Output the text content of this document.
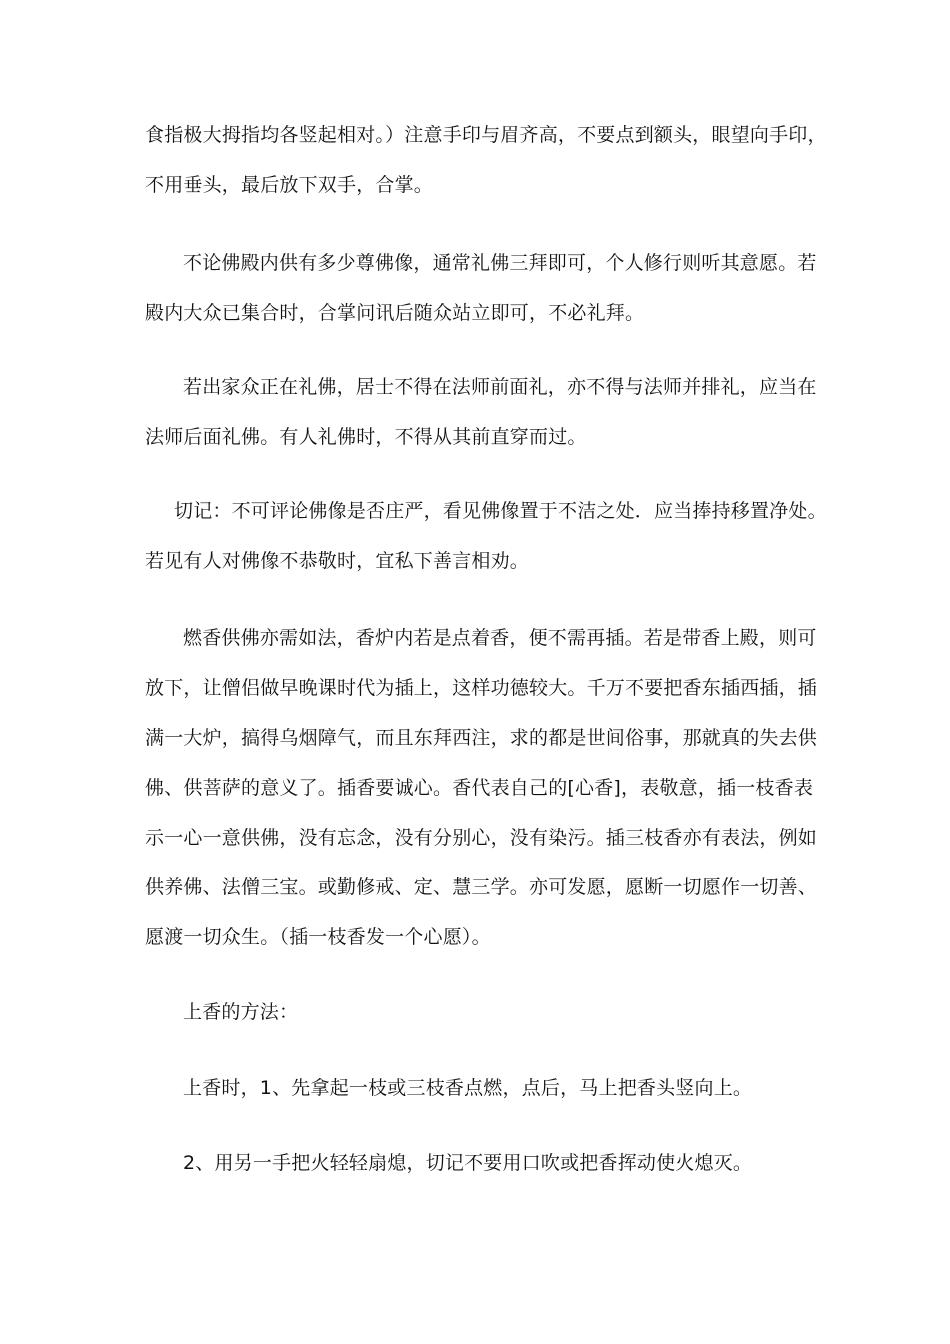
食指极大拇指均各竖起相对。）注意手印与眉齐高，不要点到额头，眼望向手印，
不用垂头，最后放下双手，合掌。
不论佛殿内供有多少尊佛像，通常礼佛三拜即可，个人修行则听其意愿。若
殿内大众已集合时，合掌问讯后随众站立即可，不必礼拜。
若出家众正在礼佛，居士不得在法师前面礼，亦不得与法师并排礼，应当在
法师后面礼佛。有人礼佛时，不得从其前直穿而过。
切记：不可评论佛像是否庄严，看见佛像置于不洁之处．应当捧持移置净处。
若见有人对佛像不恭敬时，宜私下善言相劝。
燃香供佛亦需如法，香炉内若是点着香，便不需再插。若是带香上殿，则可
放下，让僧侣做早晚课时代为插上，这样功德较大。千万不要把香东插西插，插
满一大炉，搞得乌烟障气，而且东拜西注，求的都是世间俗事，那就真的失去供
佛、供菩萨的意义了。插香要诚心。香代表自己的[心香]，表敬意，插一枝香表
示一心一意供佛，没有忘念，没有分别心，没有染污。插三枝香亦有表法，例如
供养佛、法僧三宝。或勤修戒、定、慧三学。亦可发愿，愿断一切愿作一切善、
愿渡一切众生。（插一枝香发一个心愿）。
上香的方法：
上香时，1、先拿起一枝或三枝香点燃，点后，马上把香头竖向上。
2、用另一手把火轻轻扇熄，切记不要用口吹或把香挥动使火熄灭。
